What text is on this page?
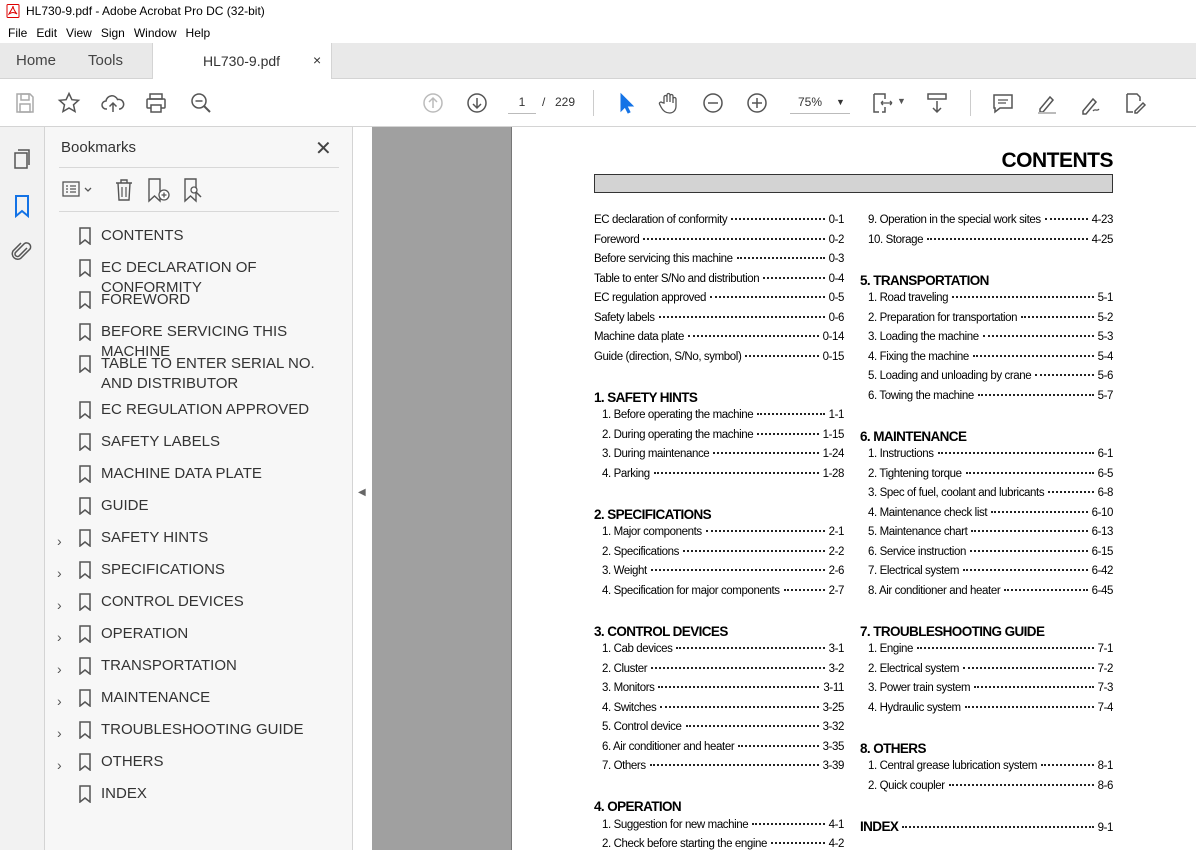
HL730-9.pdf - Adobe Acrobat Pro DC (32-bit)
File Edit View Sign Window Help
Home Tools	HL730-9.pdf ×
1	/ 229	75% ▼	▼
Bookmarks	✕
CONTENTS
EC DECLARATION OF CONFORMITY
FOREWORD
BEFORE SERVICING THIS MACHINE
TABLE TO ENTER SERIAL NO. AND DISTRIBUTOR
EC REGULATION APPROVED
SAFETY LABELS
MACHINE DATA PLATE
GUIDE
›	SAFETY HINTS
›	SPECIFICATIONS
›	CONTROL DEVICES
›	OPERATION
›	TRANSPORTATION
›	MAINTENANCE
›	TROUBLESHOOTING GUIDE
›	OTHERS
INDEX
◀
CONTENTS
EC declaration of conformity	0-1
Foreword	0-2
Before servicing this machine	0-3
Table to enter S/No and distribution	0-4
EC regulation approved	0-5
Safety labels	0-6
Machine data plate	0-14
Guide (direction, S/No, symbol)	0-15
1. SAFETY HINTS
1. Before operating the machine	1-1
2. During operating the machine	1-15
3. During maintenance	1-24
4. Parking	1-28
2. SPECIFICATIONS
1. Major components	2-1
2. Specifications	2-2
3. Weight	2-6
4. Specification for major components	2-7
3. CONTROL DEVICES
1. Cab devices	3-1
2. Cluster	3-2
3. Monitors	3-11
4. Switches	3-25
5. Control device	3-32
6. Air conditioner and heater	3-35
7. Others	3-39
4. OPERATION
1. Suggestion for new machine	4-1
2. Check before starting the engine	4-2
9. Operation in the special work sites	4-23
10. Storage	4-25
5. TRANSPORTATION
1. Road traveling	5-1
2. Preparation for transportation	5-2
3. Loading the machine	5-3
4. Fixing the machine	5-4
5. Loading and unloading by crane	5-6
6. Towing the machine	5-7
6. MAINTENANCE
1. Instructions	6-1
2. Tightening torque	6-5
3. Spec of fuel, coolant and lubricants	6-8
4. Maintenance check list	6-10
5. Maintenance chart	6-13
6. Service instruction	6-15
7. Electrical system	6-42
8. Air conditioner and heater	6-45
7. TROUBLESHOOTING GUIDE
1. Engine	7-1
2. Electrical system	7-2
3. Power train system	7-3
4. Hydraulic system	7-4
8. OTHERS
1. Central grease lubrication system	8-1
2. Quick coupler	8-6
INDEX	9-1
